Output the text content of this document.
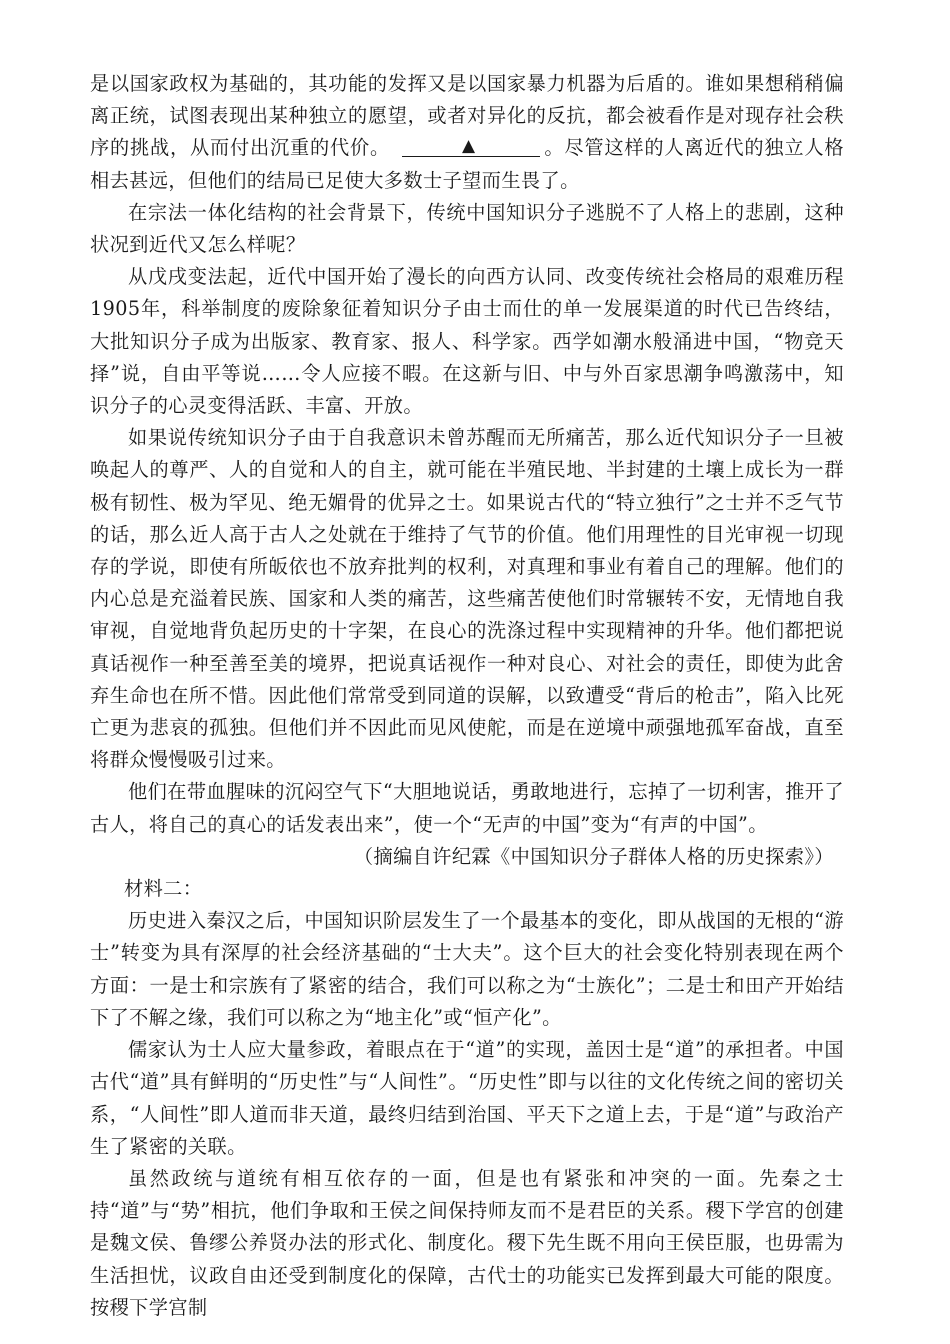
是以国家政权为基础的，其功能的发挥又是以国家暴力机器为后盾的。谁如果想稍稍偏离正统，试图表现出某种独立的愿望，或者对异化的反抗，都会被看作是对现存社会秩序的挑战，从而付出沉重的代价。	▲	。尽管这样的人离近代的独立人格相去甚远，但他们的结局已足使大多数士子望而生畏了。

在宗法一体化结构的社会背景下，传统中国知识分子逃脱不了人格上的悲剧，这种状况到近代又怎么样呢？

从戊戌变法起，近代中国开始了漫长的向西方认同、改变传统社会格局的艰难历程1905年，科举制度的废除象征着知识分子由士而仕的单一发展渠道的时代已告终结，大批知识分子成为出版家、教育家、报人、科学家。西学如潮水般涌进中国，“物竞天择”说，自由平等说……令人应接不暇。在这新与旧、中与外百家思潮争鸣激荡中，知识分子的心灵变得活跃、丰富、开放。

如果说传统知识分子由于自我意识未曾苏醒而无所痛苦，那么近代知识分子一旦被唤起人的尊严、人的自觉和人的自主，就可能在半殖民地、半封建的土壤上成长为一群极有韧性、极为罕见、绝无媚骨的优异之士。如果说古代的“特立独行”之士并不乏气节的话，那么近人高于古人之处就在于维持了气节的价值。他们用理性的目光审视一切现存的学说，即使有所皈依也不放弃批判的权利，对真理和事业有着自己的理解。他们的内心总是充溢着民族、国家和人类的痛苦，这些痛苦使他们时常辗转不安，无情地自我审视，自觉地背负起历史的十字架，在良心的洗涤过程中实现精神的升华。他们都把说真话视作一种至善至美的境界，把说真话视作一种对良心、对社会的责任，即使为此舍弃生命也在所不惜。因此他们常常受到同道的误解，以致遭受“背后的枪击”，陷入比死亡更为悲哀的孤独。但他们并不因此而见风使舵，而是在逆境中顽强地孤军奋战，直至将群众慢慢吸引过来。

他们在带血腥味的沉闷空气下“大胆地说话，勇敢地进行，忘掉了一切利害，推开了古人，将自己的真心的话发表出来”，使一个“无声的中国”变为“有声的中国”。

（摘编自许纪霖《中国知识分子群体人格的历史探索》）

材料二：

历史进入秦汉之后，中国知识阶层发生了一个最基本的变化，即从战国的无根的“游士”转变为具有深厚的社会经济基础的“士大夫”。这个巨大的社会变化特别表现在两个方面：一是士和宗族有了紧密的结合，我们可以称之为“士族化”；二是士和田产开始结下了不解之缘，我们可以称之为“地主化”或“恒产化”。

儒家认为士人应大量参政，着眼点在于“道”的实现，盖因士是“道”的承担者。中国古代“道”具有鲜明的“历史性”与“人间性”。“历史性”即与以往的文化传统之间的密切关系，“人间性”即人道而非天道，最终归结到治国、平天下之道上去，于是“道”与政治产生了紧密的关联。

虽然政统与道统有相互依存的一面，但是也有紧张和冲突的一面。先秦之士持“道”与“势”相抗，他们争取和王侯之间保持师友而不是君臣的关系。稷下学宫的创建是魏文侯、鲁缪公养贤办法的形式化、制度化。稷下先生既不用向王侯臣服，也毋需为生活担忧，议政自由还受到制度化的保障，古代士的功能实已发挥到最大可能的限度。按稷下学宫制
